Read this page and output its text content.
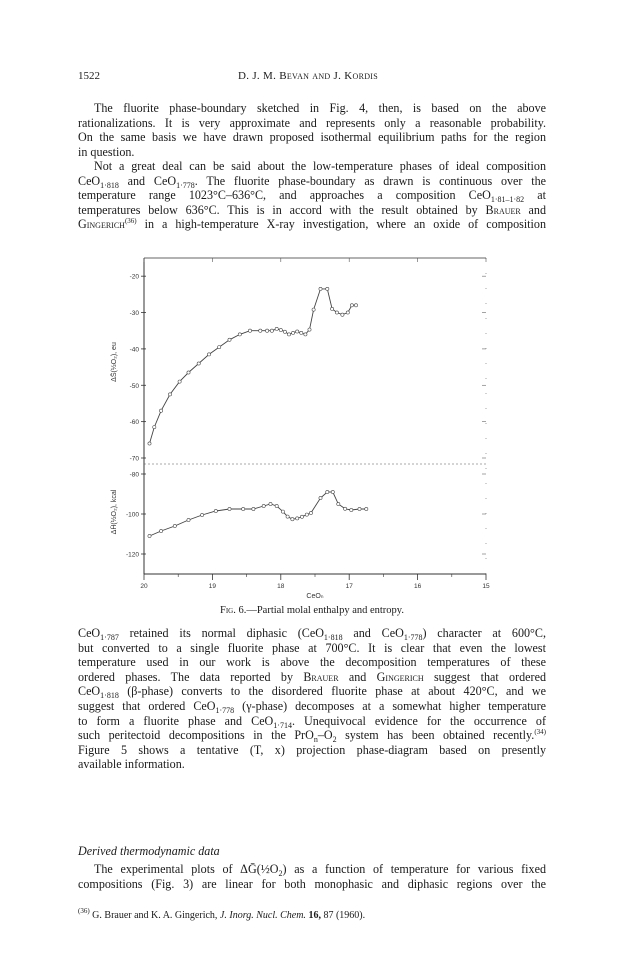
1522	D. J. M. Bevan and J. Kordis
The fluorite phase-boundary sketched in Fig. 4, then, is based on the above
rationalizations. It is very approximate and represents only a reasonable probability.
On the same basis we have drawn proposed isothermal equilibrium paths for the region
in question.
Not a great deal can be said about the low-temperature phases of ideal composition
CeO$_{1\cdot 818}$ and CeO$_{1\cdot 778}$. The fluorite phase-boundary as drawn is continuous over the
temperature range 1023°C–636°C, and approaches a composition CeO$_{1\cdot 81-1\cdot 82}$ at
temperatures below 636°C. This is in accord with the result obtained by Brauer and
Gingerich$^{(36)}$ in a high-temperature X-ray investigation, where an oxide of composition
-70
-60
-50
-40
-30
-20
-120
-100
-80
20	19	18	17	16	15
ΔS̄(½O₂), eu
ΔH̄(½O₂), kcal
CeOₙ
Fig. 6.—Partial molal enthalpy and entropy.
CeO$_{1\cdot 787}$ retained its normal diphasic (CeO$_{1\cdot 818}$ and CeO$_{1\cdot 778}$) character at 600°C,
but converted to a single fluorite phase at 700°C. It is clear that even the lowest
temperature used in our work is above the decomposition temperatures of these
ordered phases. The data reported by Brauer and Gingerich suggest that ordered
CeO$_{1\cdot 818}$ (β-phase) converts to the disordered fluorite phase at about 420°C, and we
suggest that ordered CeO$_{1\cdot 778}$ (γ-phase) decomposes at a somewhat higher temperature
to form a fluorite phase and CeO$_{1\cdot 714}$. Unequivocal evidence for the occurrence of
such peritectoid decompositions in the $PrO_n-O_2$ system has been obtained recently.$^{(34)}$
Figure 5 shows a tentative (T, x) projection phase-diagram based on presently
available information.
Derived thermodynamic data
The experimental plots of $\Delta Ḡ(\frac{1}{2}O_2)$ as a function of temperature for various fixed
compositions (Fig. 3) are linear for both monophasic and diphasic regions over the
$^{(36)}$ G. Brauer and K. A. Gingerich, J. Inorg. Nucl. Chem. 16, 87 (1960).
